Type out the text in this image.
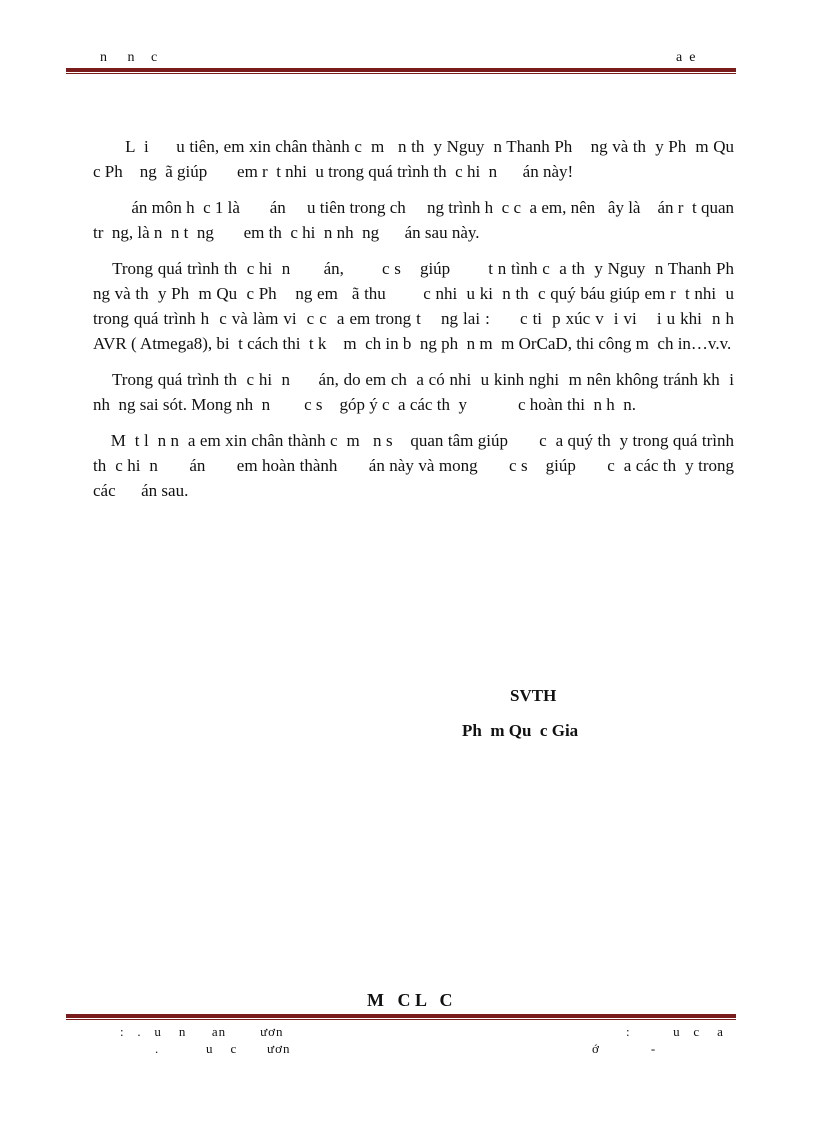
n     n    c	a  e

L  i      u tiên, em xin chân thành c  m   n th  y Nguy  n Thanh Ph    ng và th  y Ph  m Qu  c Ph    ng  ã giúp       em r  t nhi  u trong quá trình th  c hi  n      án này!

án môn h  c 1 là       án     u tiên trong ch     ng trình h  c c  a em, nên   ây là    án r  t quan tr  ng, là n  n t  ng       em th  c hi  n nh  ng      án sau này.

Trong quá trình th  c hi  n       án,        c s    giúp        t n tình c  a th  y Nguy  n Thanh Ph    ng và th  y Ph  m Qu  c Ph    ng em   ã thu        c nhi  u ki  n th  c quý báu giúp em r  t nhi  u trong quá trình h  c và làm vi  c c  a em trong t    ng lai :      c ti  p xúc v  i vi    i u khi  n h    AVR ( Atmega8), bi  t cách thi  t k    m  ch in b  ng ph  n m  m OrCaD, thi công m  ch in…v.v.

Trong quá trình th  c hi  n      án, do em ch  a có nhi  u kinh nghi  m nên không tránh kh  i nh  ng sai sót. Mong nh  n        c s    góp ý c  a các th  y            c hoàn thi  n h  n.

M  t l  n n  a em xin chân thành c  m   n s    quan tâm giúp       c  a quý th  y trong quá trình th  c hi  n       án       em hoàn thành       án này và mong       c s    giúp       c  a các th  y trong các      án sau.

SVTH
Ph  m Qu  c Gia
M   C L   C
:   .   u    n      an        ươn	:          u   c    a
.           u    c       ươn	ớ            -
